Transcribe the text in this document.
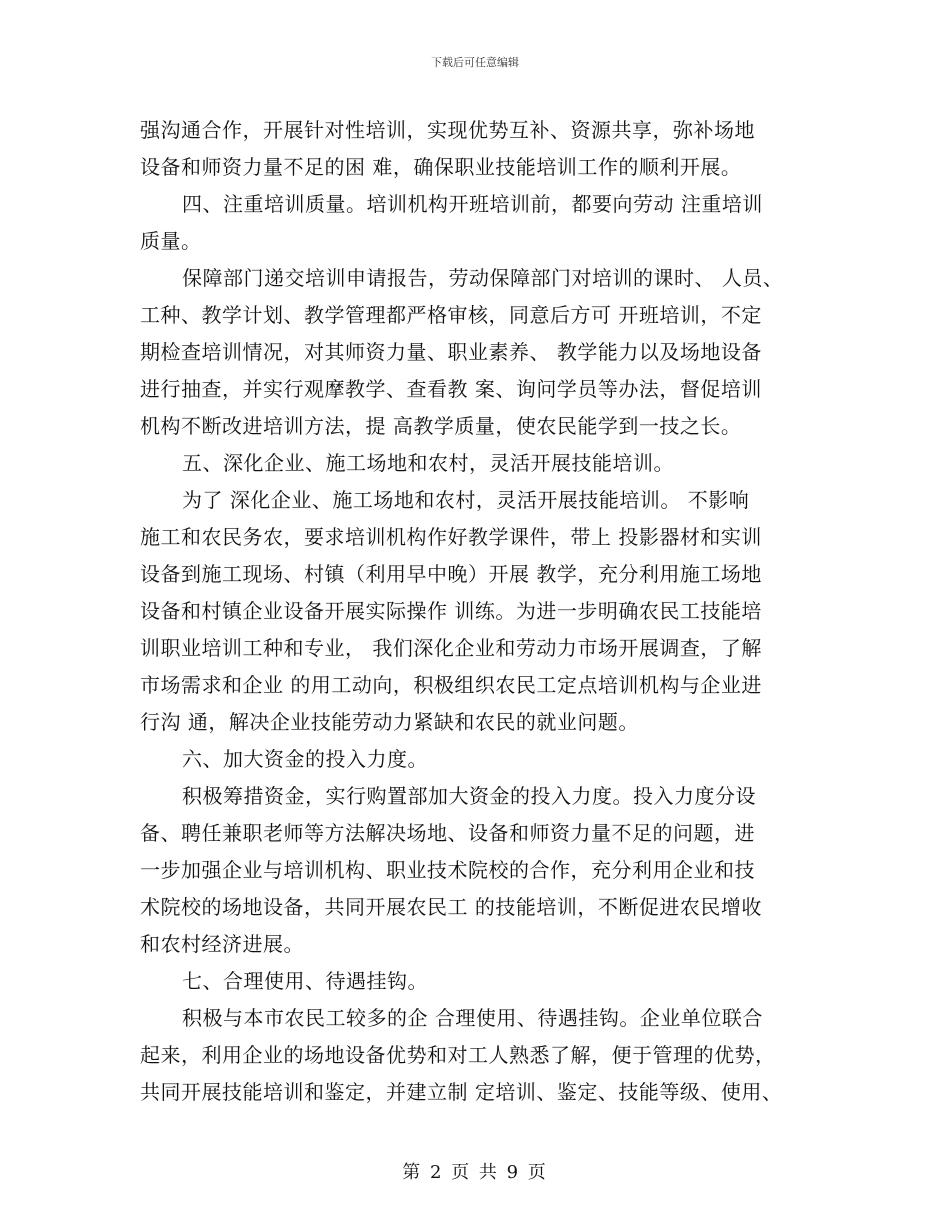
下载后可任意编辑
强沟通合作，开展针对性培训，实现优势互补、资源共享，弥补场地
设备和师资力量不足的困 难，确保职业技能培训工作的顺利开展。
四、注重培训质量。培训机构开班培训前，都要向劳动 注重培训
质量。
保障部门递交培训申请报告，劳动保障部门对培训的课时、 人员、
工种、教学计划、教学管理都严格审核，同意后方可 开班培训，不定
期检查培训情况，对其师资力量、职业素养、 教学能力以及场地设备
进行抽查，并实行观摩教学、查看教 案、询问学员等办法，督促培训
机构不断改进培训方法，提 高教学质量，使农民能学到一技之长。
五、深化企业、施工场地和农村，灵活开展技能培训。
为了 深化企业、施工场地和农村，灵活开展技能培训。 不影响
施工和农民务农，要求培训机构作好教学课件，带上 投影器材和实训
设备到施工现场、村镇（利用早中晚）开展 教学，充分利用施工场地
设备和村镇企业设备开展实际操作 训练。为进一步明确农民工技能培
训职业培训工种和专业， 我们深化企业和劳动力市场开展调查，了解
市场需求和企业 的用工动向，积极组织农民工定点培训机构与企业进
行沟 通，解决企业技能劳动力紧缺和农民的就业问题。
六、加大资金的投入力度。
积极筹措资金，实行购置部加大资金的投入力度。投入力度分设
备、聘任兼职老师等方法解决场地、设备和师资力量不足的问题，进
一步加强企业与培训机构、职业技术院校的合作，充分利用企业和技
术院校的场地设备，共同开展农民工 的技能培训，不断促进农民增收
和农村经济进展。
七、合理使用、待遇挂钩。
积极与本市农民工较多的企 合理使用、待遇挂钩。企业单位联合
起来，利用企业的场地设备优势和对工人熟悉了解，便于管理的优势，
共同开展技能培训和鉴定，并建立制 定培训、鉴定、技能等级、使用、
第 2 页 共 9 页
